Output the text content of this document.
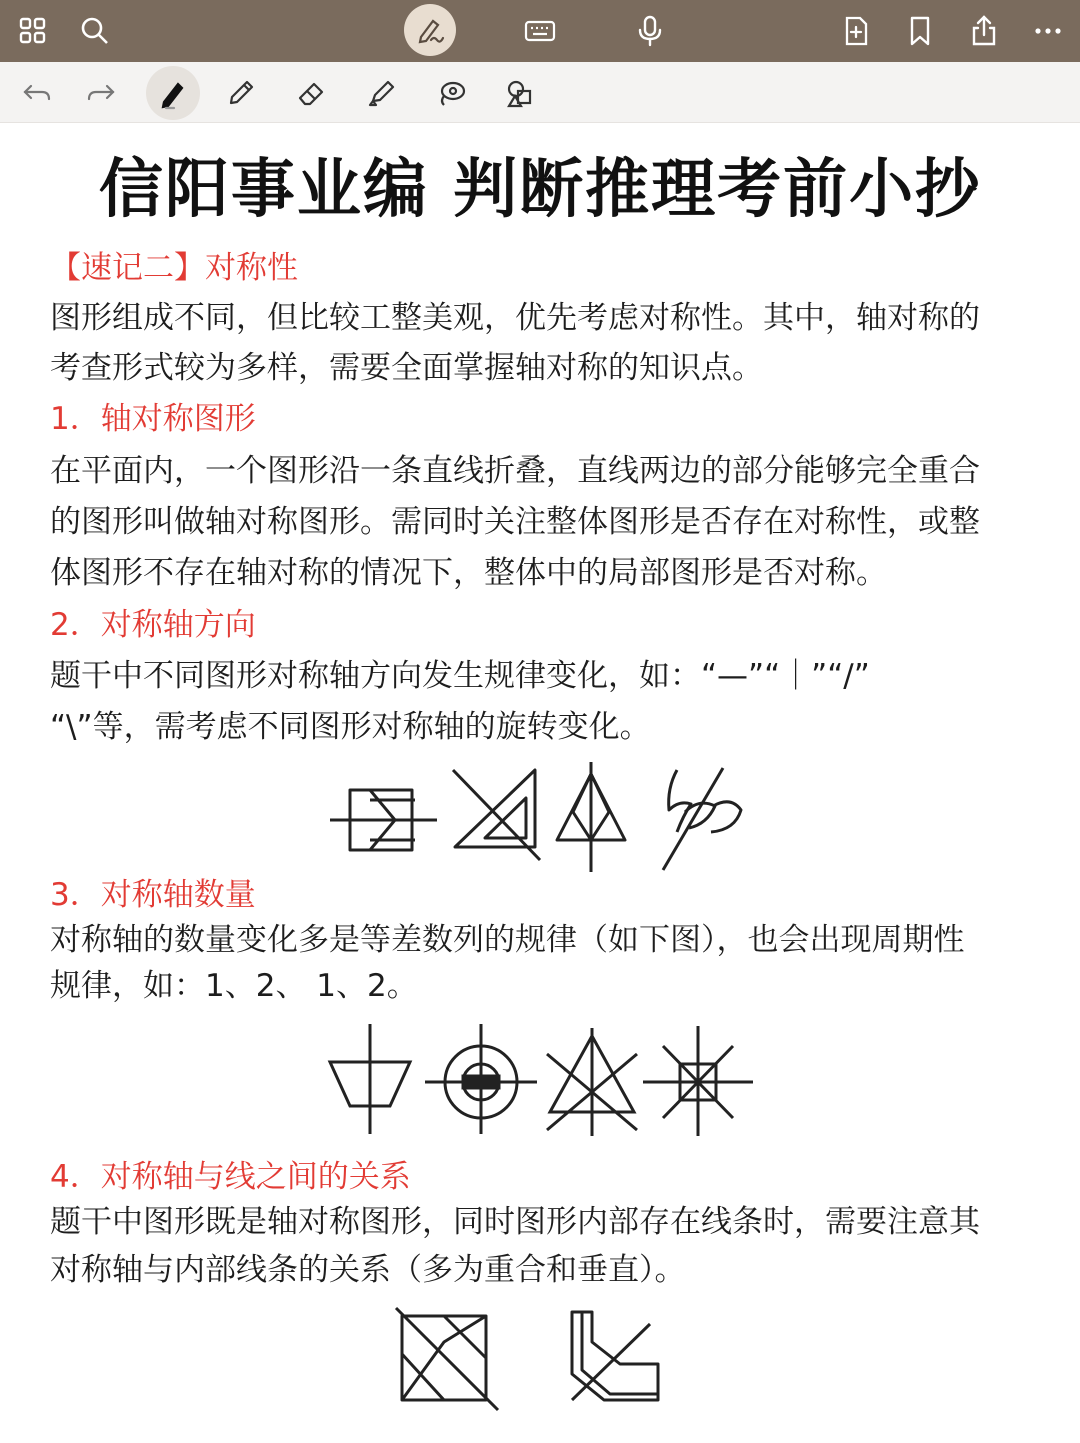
信阳事业编 判断推理考前小抄
【速记二】对称性
图形组成不同，但比较工整美观，优先考虑对称性。其中，轴对称的
考查形式较为多样，需要全面掌握轴对称的知识点。
1．轴对称图形
在平面内，一个图形沿一条直线折叠，直线两边的部分能够完全重合
的图形叫做轴对称图形。需同时关注整体图形是否存在对称性，或整
体图形不存在轴对称的情况下，整体中的局部图形是否对称。
2．对称轴方向
题干中不同图形对称轴方向发生规律变化，如：“—”“｜”“/”
“\”等，需考虑不同图形对称轴的旋转变化。
3．对称轴数量
对称轴的数量变化多是等差数列的规律（如下图），也会出现周期性
规律，如：1、2、 1、2。
4．对称轴与线之间的关系
题干中图形既是轴对称图形，同时图形内部存在线条时，需要注意其
对称轴与内部线条的关系（多为重合和垂直）。
